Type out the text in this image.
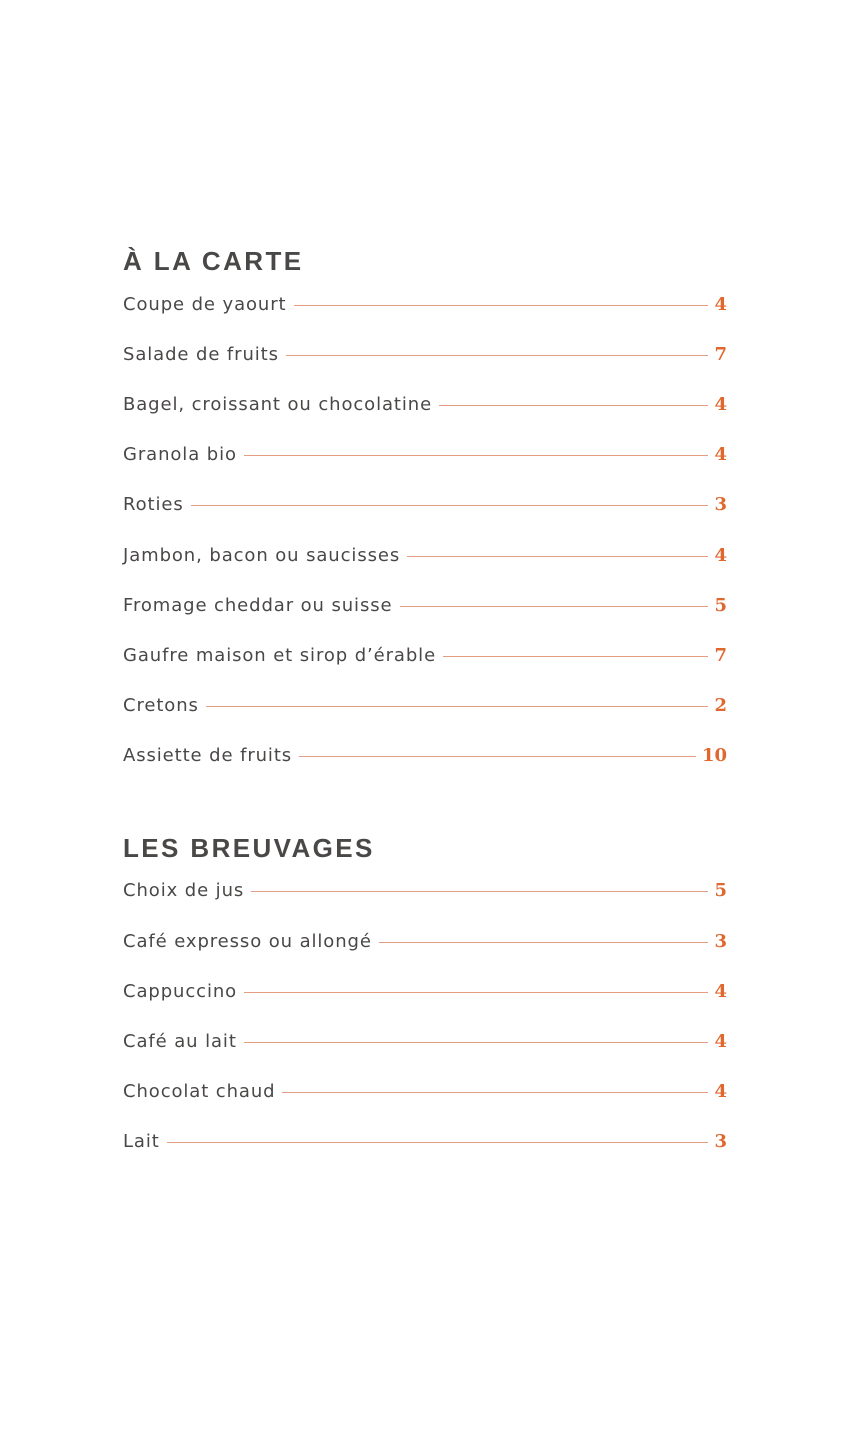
À LA CARTE
Coupe de yaourt	4
Salade de fruits	7
Bagel, croissant ou chocolatine	4
Granola bio	4
Roties	3
Jambon, bacon ou saucisses	4
Fromage cheddar ou suisse	5
Gaufre maison et sirop d’érable	7
Cretons	2
Assiette de fruits	10
LES BREUVAGES
Choix de jus	5
Café expresso ou allongé	3
Cappuccino	4
Café au lait	4
Chocolat chaud	4
Lait	3
